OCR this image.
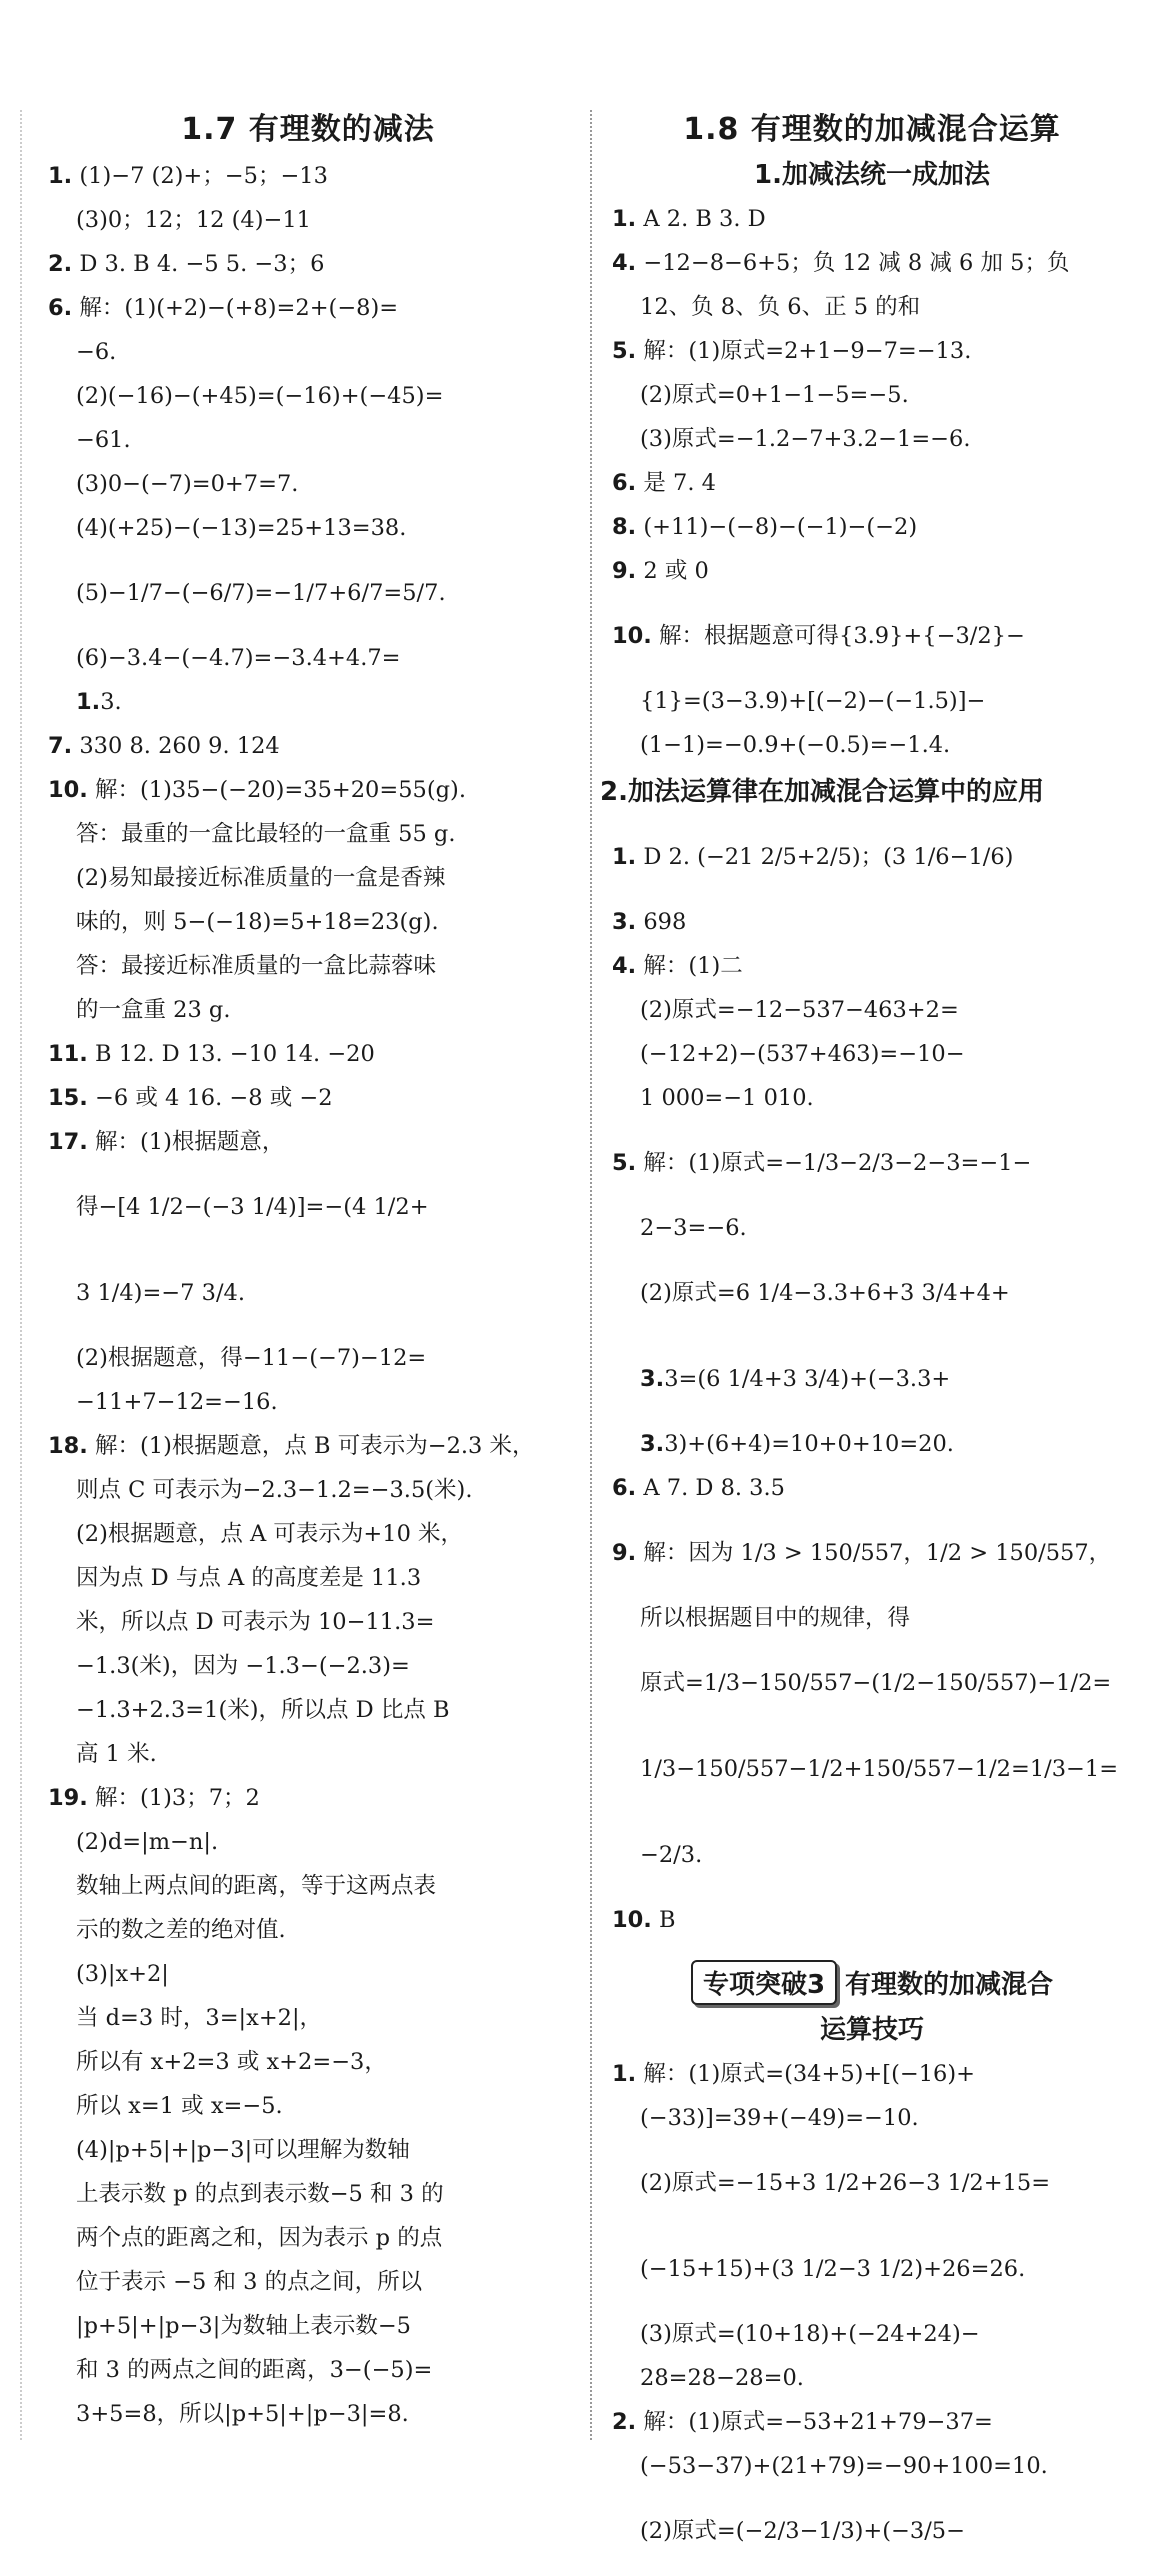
1.7 有理数的减法
1. (1)−7 (2)+；−5；−13
(3)0；12；12 (4)−11
2. D 3. B 4. −5 5. −3；6
6. 解：(1)(+2)−(+8)=2+(−8)=
−6.
(2)(−16)−(+45)=(−16)+(−45)=
−61.
(3)0−(−7)=0+7=7.
(4)(+25)−(−13)=25+13=38.
(5)−1/7−(−6/7)=−1/7+6/7=5/7.
(6)−3.4−(−4.7)=−3.4+4.7=
1.3.
7. 330 8. 260 9. 124
10. 解：(1)35−(−20)=35+20=55(g).
答：最重的一盒比最轻的一盒重 55 g.
(2)易知最接近标准质量的一盒是香辣
味的，则 5−(−18)=5+18=23(g).
答：最接近标准质量的一盒比蒜蓉味
的一盒重 23 g.
11. B 12. D 13. −10 14. −20
15. −6 或 4 16. −8 或 −2
17. 解：(1)根据题意，
得−[4 1/2−(−3 1/4)]=−(4 1/2+
3 1/4)=−7 3/4.
(2)根据题意，得−11−(−7)−12=
−11+7−12=−16.
18. 解：(1)根据题意，点 B 可表示为−2.3 米，
则点 C 可表示为−2.3−1.2=−3.5(米).
(2)根据题意，点 A 可表示为+10 米，
因为点 D 与点 A 的高度差是 11.3
米，所以点 D 可表示为 10−11.3=
−1.3(米)，因为 −1.3−(−2.3)=
−1.3+2.3=1(米)，所以点 D 比点 B
高 1 米.
19. 解：(1)3；7；2
(2)d=|m−n|.
数轴上两点间的距离，等于这两点表
示的数之差的绝对值.
(3)|x+2|
当 d=3 时，3=|x+2|，
所以有 x+2=3 或 x+2=−3，
所以 x=1 或 x=−5.
(4)|p+5|+|p−3|可以理解为数轴
上表示数 p 的点到表示数−5 和 3 的
两个点的距离之和，因为表示 p 的点
位于表示 −5 和 3 的点之间，所以
|p+5|+|p−3|为数轴上表示数−5
和 3 的两点之间的距离，3−(−5)=
3+5=8，所以|p+5|+|p−3|=8.
1.8 有理数的加减混合运算
1.加减法统一成加法
1. A 2. B 3. D
4. −12−8−6+5；负 12 减 8 减 6 加 5；负
12、负 8、负 6、正 5 的和
5. 解：(1)原式=2+1−9−7=−13.
(2)原式=0+1−1−5=−5.
(3)原式=−1.2−7+3.2−1=−6.
6. 是 7. 4
8. (+11)−(−8)−(−1)−(−2)
9. 2 或 0
10. 解：根据题意可得{3.9}+{−3/2}−
{1}=(3−3.9)+[(−2)−(−1.5)]−
(1−1)=−0.9+(−0.5)=−1.4.
2.加法运算律在加减混合运算中的应用
1. D 2. (−21 2/5+2/5)；(3 1/6−1/6)
3. 698
4. 解：(1)二
(2)原式=−12−537−463+2=
(−12+2)−(537+463)=−10−
1 000=−1 010.
5. 解：(1)原式=−1/3−2/3−2−3=−1−
2−3=−6.
(2)原式=6 1/4−3.3+6+3 3/4+4+
3.3=(6 1/4+3 3/4)+(−3.3+
3.3)+(6+4)=10+0+10=20.
6. A 7. D 8. 3.5
9. 解：因为 1/3 > 150/557，1/2 > 150/557，
所以根据题目中的规律，得
原式=1/3−150/557−(1/2−150/557)−1/2=
1/3−150/557−1/2+150/557−1/2=1/3−1=
−2/3.
10. B
专项突破3 有理数的加减混合
运算技巧
1. 解：(1)原式=(34+5)+[(−16)+
(−33)]=39+(−49)=−10.
(2)原式=−15+3 1/2+26−3 1/2+15=
(−15+15)+(3 1/2−3 1/2)+26=26.
(3)原式=(10+18)+(−24+24)−
28=28−28=0.
2. 解：(1)原式=−53+21+79−37=
(−53−37)+(21+79)=−90+100=10.
(2)原式=(−2/3−1/3)+(−3/5−
